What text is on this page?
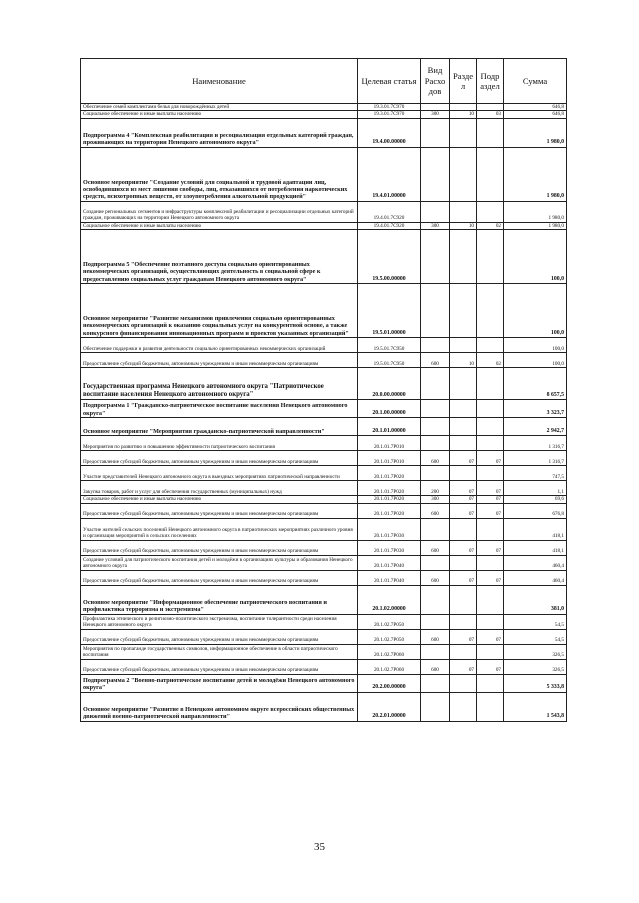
Наименование	Целевая статья	Вид Расхо дов	Разде л	Подр аздел	Сумма
Обеспечение семей комплектами белья для новорождённых детей	19.3.01.7С970				646,8
Социальное обеспечение и иные выплаты населению	19.3.01.7С970	300	10	03	646,8
Подпрограмма 4 "Комплексная реабилитация и ресоциализация отдельных категорий граждан, проживающих на территории Ненецкого автономного округа"	19.4.00.00000				1 980,0
Основное мероприятие "Создание условий для социальной и трудовой адаптации лиц, освободившихся из мест лишения свободы, лиц, отказавшихся от потребления наркотических средств, психотропных веществ, от злоупотребления алкогольной продукцией"	19.4.01.00000				1 980,0
Создание региональных сегментов и инфраструктуры комплексной реабилитации и ресоциализации отдельных категорий граждан, проживающих на территории Ненецкого автономного округа	19.4.01.7С920				1 980,0
Социальное обеспечение и иные выплаты населению	19.4.01.7С920	300	10	02	1 980,0
Подпрограмма 5 "Обеспечение поэтапного доступа социально ориентированных некоммерческих организаций, осуществляющих деятельность в социальной сфере к предоставлению социальных услуг гражданам Ненецкого автономного округа"	19.5.00.00000				100,0
Основное мероприятие "Развитие механизмов привлечения социально ориентированных некоммерческих организаций к оказанию социальных услуг на конкурентной основе, а также конкурсного финансирования инновационных программ и проектов указанных организаций"	19.5.01.00000				100,0
Обеспечение поддержки и развития деятельности социально ориентированных некоммерческих организаций	19.5.01.7С950				100,0
Предоставление субсидий бюджетным, автономным учреждениям и иным некоммерческим организациям	19.5.01.7С950	600	10	02	100,0
Государственная программа Ненецкого автономного округа "Патриотическое воспитание населения Ненецкого автономного округа"	20.0.00.00000				8 657,5
Подпрограмма 1 "Гражданско-патриотическое воспитание населения Ненецкого автономного округа"	20.1.00.00000				3 323,7
Основное мероприятие "Мероприятия гражданско-патриотической направленности"	20.1.01.00000				2 942,7
Мероприятия по развитию и повышению эффективности патриотического воспитания	20.1.01.7Р010				1 316,7
Предоставление субсидий бюджетным, автономным учреждениям и иным некоммерческим организациям	20.1.01.7Р010	600	07	07	1 316,7
Участие представителей Ненецкого автономного округа в выездных мероприятиях патриотической направленности	20.1.01.7Р020				747,5
Закупка товаров, работ и услуг для обеспечения государственных (муниципальных) нужд	20.1.01.7Р020	200	07	07	1,1
Социальное обеспечение и иные выплаты населению	20.1.01.7Р020	300	07	07	69,6
Предоставление субсидий бюджетным, автономным учреждениям и иным некоммерческим организациям	20.1.01.7Р020	600	07	07	676,8
Участие жителей сельских поселений Ненецкого автономного округа в патриотических мероприятиях различного уровня и организация мероприятий в сельских поселениях	20.1.01.7Р030				418,1
Предоставление субсидий бюджетным, автономным учреждениям и иным некоммерческим организациям	20.1.01.7Р030	600	07	07	418,1
Создание условий для патриотического воспитания детей и молодёжи в организациях культуры и образования Ненецкого автономного округа	20.1.01.7Р040				460,4
Предоставление субсидий бюджетным, автономным учреждениям и иным некоммерческим организациям	20.1.01.7Р040	600	07	07	460,4
Основное мероприятие "Информационное обеспечение патриотического воспитания и профилактика терроризма и экстремизма"	20.1.02.00000				381,0
Профилактика этнического и религиозно-политического экстремизма, воспитание толерантности среди населения Ненецкого автономного округа	20.1.02.7Р050				54,5
Предоставление субсидий бюджетным, автономным учреждениям и иным некоммерческим организациям	20.1.02.7Р050	600	07	07	54,5
Мероприятия по пропаганде государственных символов, информационное обеспечение в области патриотического воспитания	20.1.02.7Р060				326,5
Предоставление субсидий бюджетным, автономным учреждениям и иным некоммерческим организациям	20.1.02.7Р060	600	07	07	326,5
Подпрограмма 2 "Военно-патриотическое воспитание детей и молодёжи Ненецкого автономного округа"	20.2.00.00000				5 333,8
Основное мероприятие "Развитие в Ненецком автономном округе всероссийских общественных движений военно-патриотической направленности"	20.2.01.00000				1 543,8
35
